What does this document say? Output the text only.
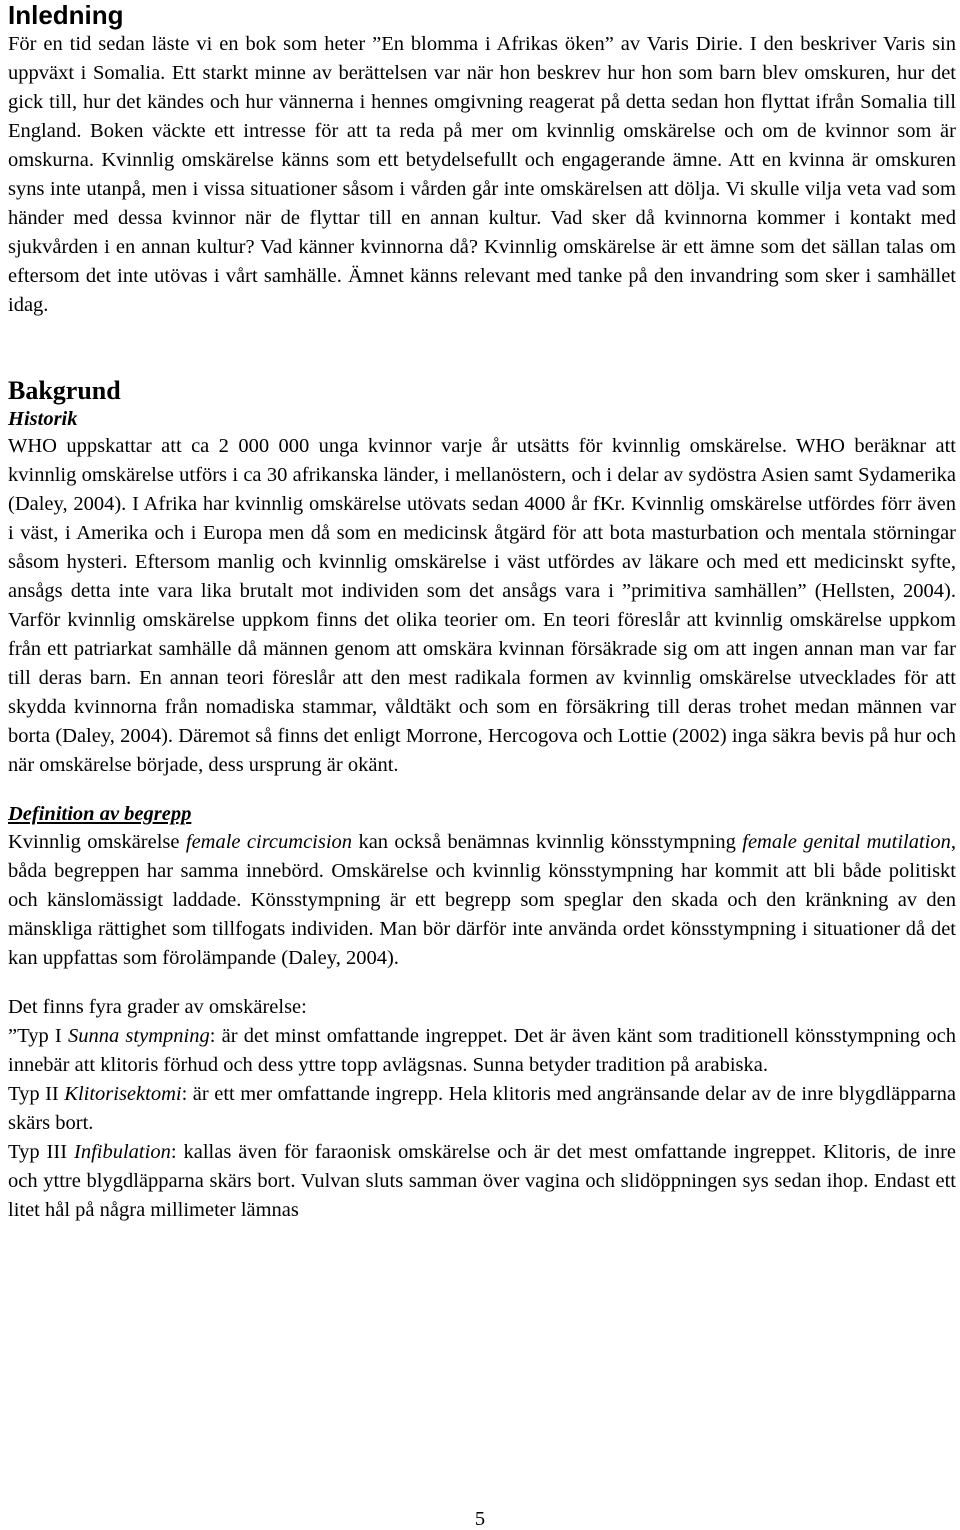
Inledning

För en tid sedan läste vi en bok som heter ”En blomma i Afrikas öken” av Varis Dirie. I den beskriver Varis sin uppväxt i Somalia. Ett starkt minne av berättelsen var när hon beskrev hur hon som barn blev omskuren, hur det gick till, hur det kändes och hur vännerna i hennes omgivning reagerat på detta sedan hon flyttat ifrån Somalia till England. Boken väckte ett intresse för att ta reda på mer om kvinnlig omskärelse och om de kvinnor som är omskurna. Kvinnlig omskärelse känns som ett betydelsefullt och engagerande ämne. Att en kvinna är omskuren syns inte utanpå, men i vissa situationer såsom i vården går inte omskärelsen att dölja. Vi skulle vilja veta vad som händer med dessa kvinnor när de flyttar till en annan kultur. Vad sker då kvinnorna kommer i kontakt med sjukvården i en annan kultur? Vad känner kvinnorna då? Kvinnlig omskärelse är ett ämne som det sällan talas om eftersom det inte utövas i vårt samhälle. Ämnet känns relevant med tanke på den invandring som sker i samhället idag.

Bakgrund
Historik

WHO uppskattar att ca 2 000 000 unga kvinnor varje år utsätts för kvinnlig omskärelse. WHO beräknar att kvinnlig omskärelse utförs i ca 30 afrikanska länder, i mellanöstern, och i delar av sydöstra Asien samt Sydamerika (Daley, 2004). I Afrika har kvinnlig omskärelse utövats sedan 4000 år fKr. Kvinnlig omskärelse utfördes förr även i väst, i Amerika och i Europa men då som en medicinsk åtgärd för att bota masturbation och mentala störningar såsom hysteri. Eftersom manlig och kvinnlig omskärelse i väst utfördes av läkare och med ett medicinskt syfte, ansågs detta inte vara lika brutalt mot individen som det ansågs vara i ”primitiva samhällen” (Hellsten, 2004). Varför kvinnlig omskärelse uppkom finns det olika teorier om. En teori föreslår att kvinnlig omskärelse uppkom från ett patriarkat samhälle då männen genom att omskära kvinnan försäkrade sig om att ingen annan man var far till deras barn. En annan teori föreslår att den mest radikala formen av kvinnlig omskärelse utvecklades för att skydda kvinnorna från nomadiska stammar, våldtäkt och som en försäkring till deras trohet medan männen var borta (Daley, 2004). Däremot så finns det enligt Morrone, Hercogova och Lottie (2002) inga säkra bevis på hur och när omskärelse började, dess ursprung är okänt.

Definition av begrepp

Kvinnlig omskärelse female circumcision kan också benämnas kvinnlig könsstympning female genital mutilation, båda begreppen har samma innebörd. Omskärelse och kvinnlig könsstympning har kommit att bli både politiskt och känslomässigt laddade. Könsstympning är ett begrepp som speglar den skada och den kränkning av den mänskliga rättighet som tillfogats individen. Man bör därför inte använda ordet könsstympning i situationer då det kan uppfattas som förolämpande (Daley, 2004).

Det finns fyra grader av omskärelse:

”Typ I Sunna stympning: är det minst omfattande ingreppet. Det är även känt som traditionell könsstympning och innebär att klitoris förhud och dess yttre topp avlägsnas. Sunna betyder tradition på arabiska.

Typ II Klitorisektomi: är ett mer omfattande ingrepp. Hela klitoris med angränsande delar av de inre blygdläpparna skärs bort.

Typ III Infibulation: kallas även för faraonisk omskärelse och är det mest omfattande ingreppet. Klitoris, de inre och yttre blygdläpparna skärs bort. Vulvan sluts samman över vagina och slidöppningen sys sedan ihop. Endast ett litet hål på några millimeter lämnas

5
